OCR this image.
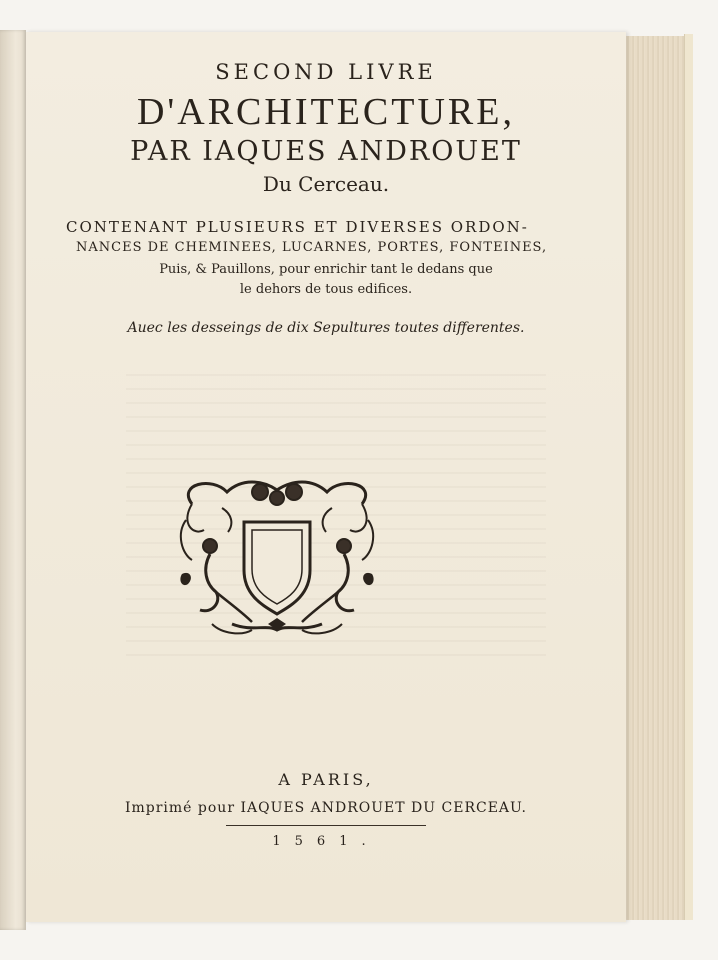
SECOND LIVRE
D'ARCHITECTURE,
PAR IAQUES ANDROUET
Du Cerceau.
CONTENANT PLUSIEURS ET DIVERSES ORDON-
NANCES DE CHEMINEES, LUCARNES, PORTES, FONTEINES,
Puis, & Pauillons, pour enrichir tant le dedans que
le dehors de tous edifices.
Auec les desseings de dix Sepultures toutes differentes.
A PARIS,
Imprimé pour IAQUES ANDROUET DU CERCEAU.
1561.
